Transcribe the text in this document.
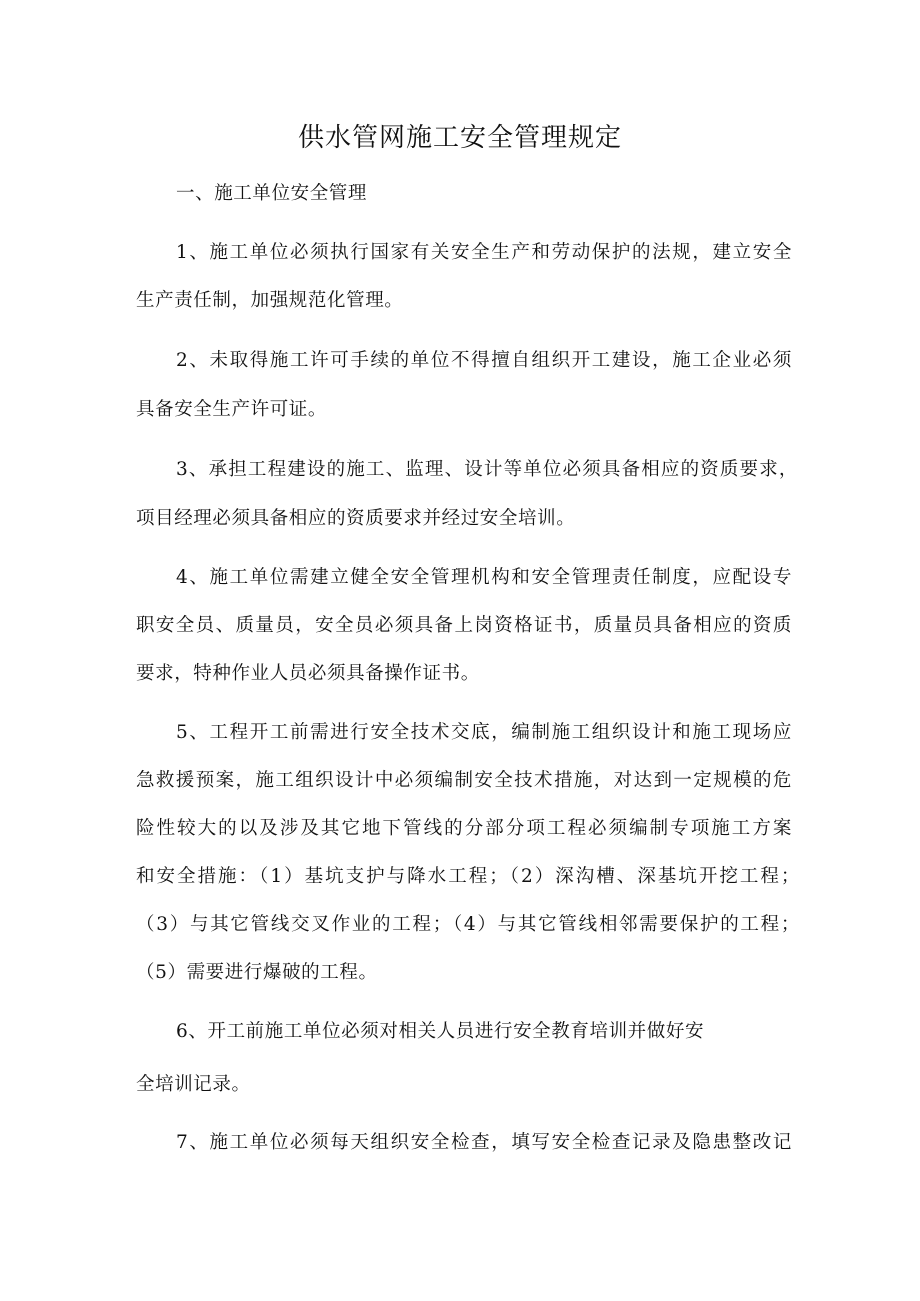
供水管网施工安全管理规定

一、施工单位安全管理

1、施工单位必须执行国家有关安全生产和劳动保护的法规，建立安全

生产责任制，加强规范化管理。

2、未取得施工许可手续的单位不得擅自组织开工建设，施工企业必须

具备安全生产许可证。

3、承担工程建设的施工、监理、设计等单位必须具备相应的资质要求，

项目经理必须具备相应的资质要求并经过安全培训。

4、施工单位需建立健全安全管理机构和安全管理责任制度，应配设专

职安全员、质量员，安全员必须具备上岗资格证书，质量员具备相应的资质

要求，特种作业人员必须具备操作证书。

5、工程开工前需进行安全技术交底，编制施工组织设计和施工现场应

急救援预案，施工组织设计中必须编制安全技术措施，对达到一定规模的危

险性较大的以及涉及其它地下管线的分部分项工程必须编制专项施工方案

和安全措施：（1）基坑支护与降水工程；（2）深沟槽、深基坑开挖工程；

（3）与其它管线交叉作业的工程；（4）与其它管线相邻需要保护的工程；

（5）需要进行爆破的工程。

6、开工前施工单位必须对相关人员进行安全教育培训并做好安

全培训记录。

7、施工单位必须每天组织安全检查，填写安全检查记录及隐患整改记
